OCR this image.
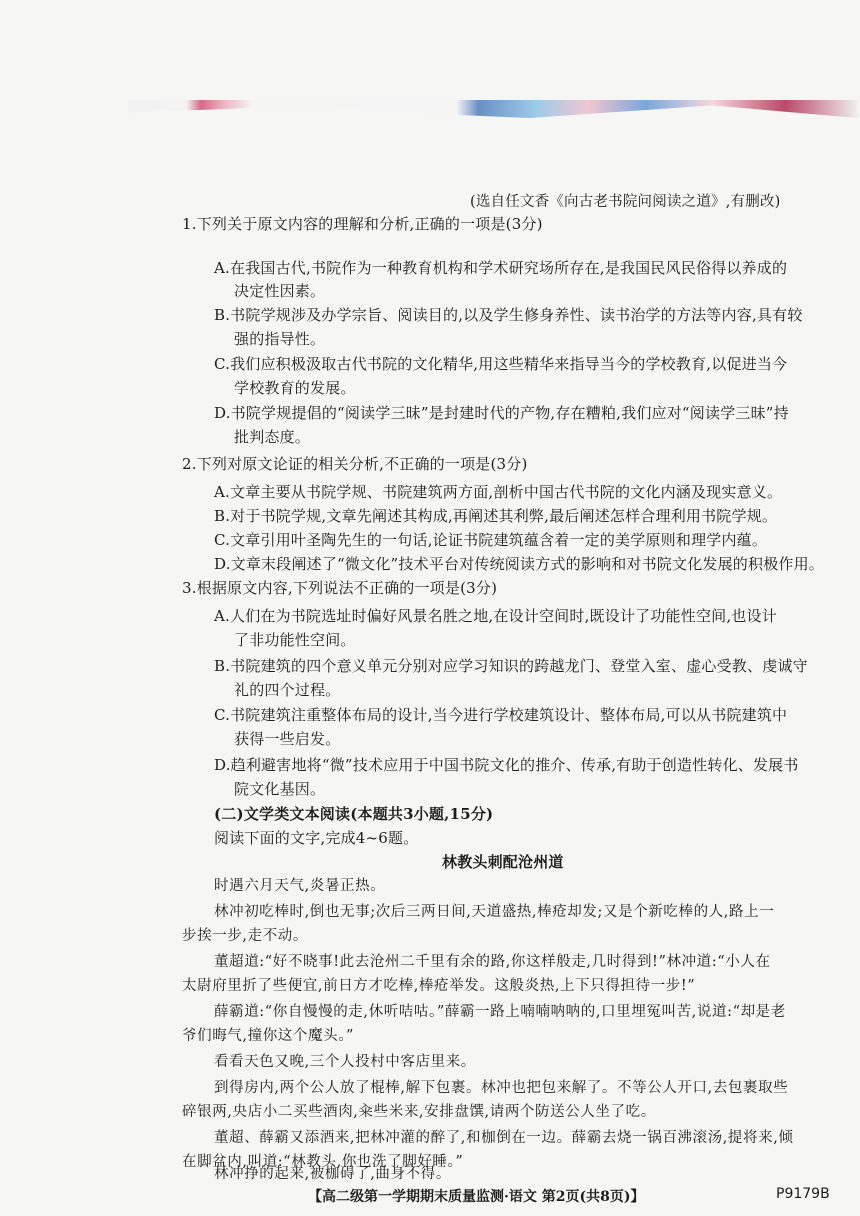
(选自任文香《向古老书院问阅读之道》,有删改)
1.下列关于原文内容的理解和分析,正确的一项是(3分)
A.在我国古代,书院作为一种教育机构和学术研究场所存在,是我国民风民俗得以养成的
决定性因素。
B.书院学规涉及办学宗旨、阅读目的,以及学生修身养性、读书治学的方法等内容,具有较
强的指导性。
C.我们应积极汲取古代书院的文化精华,用这些精华来指导当今的学校教育,以促进当今
学校教育的发展。
D.书院学规提倡的“阅读学三昧”是封建时代的产物,存在糟粕,我们应对“阅读学三昧”持
批判态度。
2.下列对原文论证的相关分析,不正确的一项是(3分)
A.文章主要从书院学规、书院建筑两方面,剖析中国古代书院的文化内涵及现实意义。
B.对于书院学规,文章先阐述其构成,再阐述其利弊,最后阐述怎样合理利用书院学规。
C.文章引用叶圣陶先生的一句话,论证书院建筑蕴含着一定的美学原则和理学内蕴。
D.文章末段阐述了“微文化”技术平台对传统阅读方式的影响和对书院文化发展的积极作用。
3.根据原文内容,下列说法不正确的一项是(3分)
A.人们在为书院选址时偏好风景名胜之地,在设计空间时,既设计了功能性空间,也设计
了非功能性空间。
B.书院建筑的四个意义单元分别对应学习知识的跨越龙门、登堂入室、虚心受教、虔诚守
礼的四个过程。
C.书院建筑注重整体布局的设计,当今进行学校建筑设计、整体布局,可以从书院建筑中
获得一些启发。
D.趋利避害地将“微”技术应用于中国书院文化的推介、传承,有助于创造性转化、发展书
院文化基因。
(二)文学类文本阅读(本题共3小题,15分)
阅读下面的文字,完成4~6题。
林教头刺配沧州道
时遇六月天气,炎暑正热。
林冲初吃棒时,倒也无事;次后三两日间,天道盛热,棒疮却发;又是个新吃棒的人,路上一
步挨一步,走不动。
董超道:“好不晓事!此去沧州二千里有余的路,你这样般走,几时得到!”林冲道:“小人在
太尉府里折了些便宜,前日方才吃棒,棒疮举发。这般炎热,上下只得担待一步!”
薛霸道:“你自慢慢的走,休听咭咕。”薛霸一路上喃喃呐呐的,口里埋冤叫苦,说道:“却是老
爷们晦气,撞你这个魔头。”
看看天色又晚,三个人投村中客店里来。
到得房内,两个公人放了棍棒,解下包裹。林冲也把包来解了。不等公人开口,去包裹取些
碎银两,央店小二买些酒肉,籴些米来,安排盘馔,请两个防送公人坐了吃。
董超、薛霸又添酒来,把林冲灌的醉了,和枷倒在一边。薛霸去烧一锅百沸滚汤,提将来,倾
在脚盆内,叫道:“林教头,你也洗了脚好睡。”
林冲挣的起来,被枷碍了,曲身不得。
【高二级第一学期期末质量监测·语文 第2页(共8页)】	P9179B
